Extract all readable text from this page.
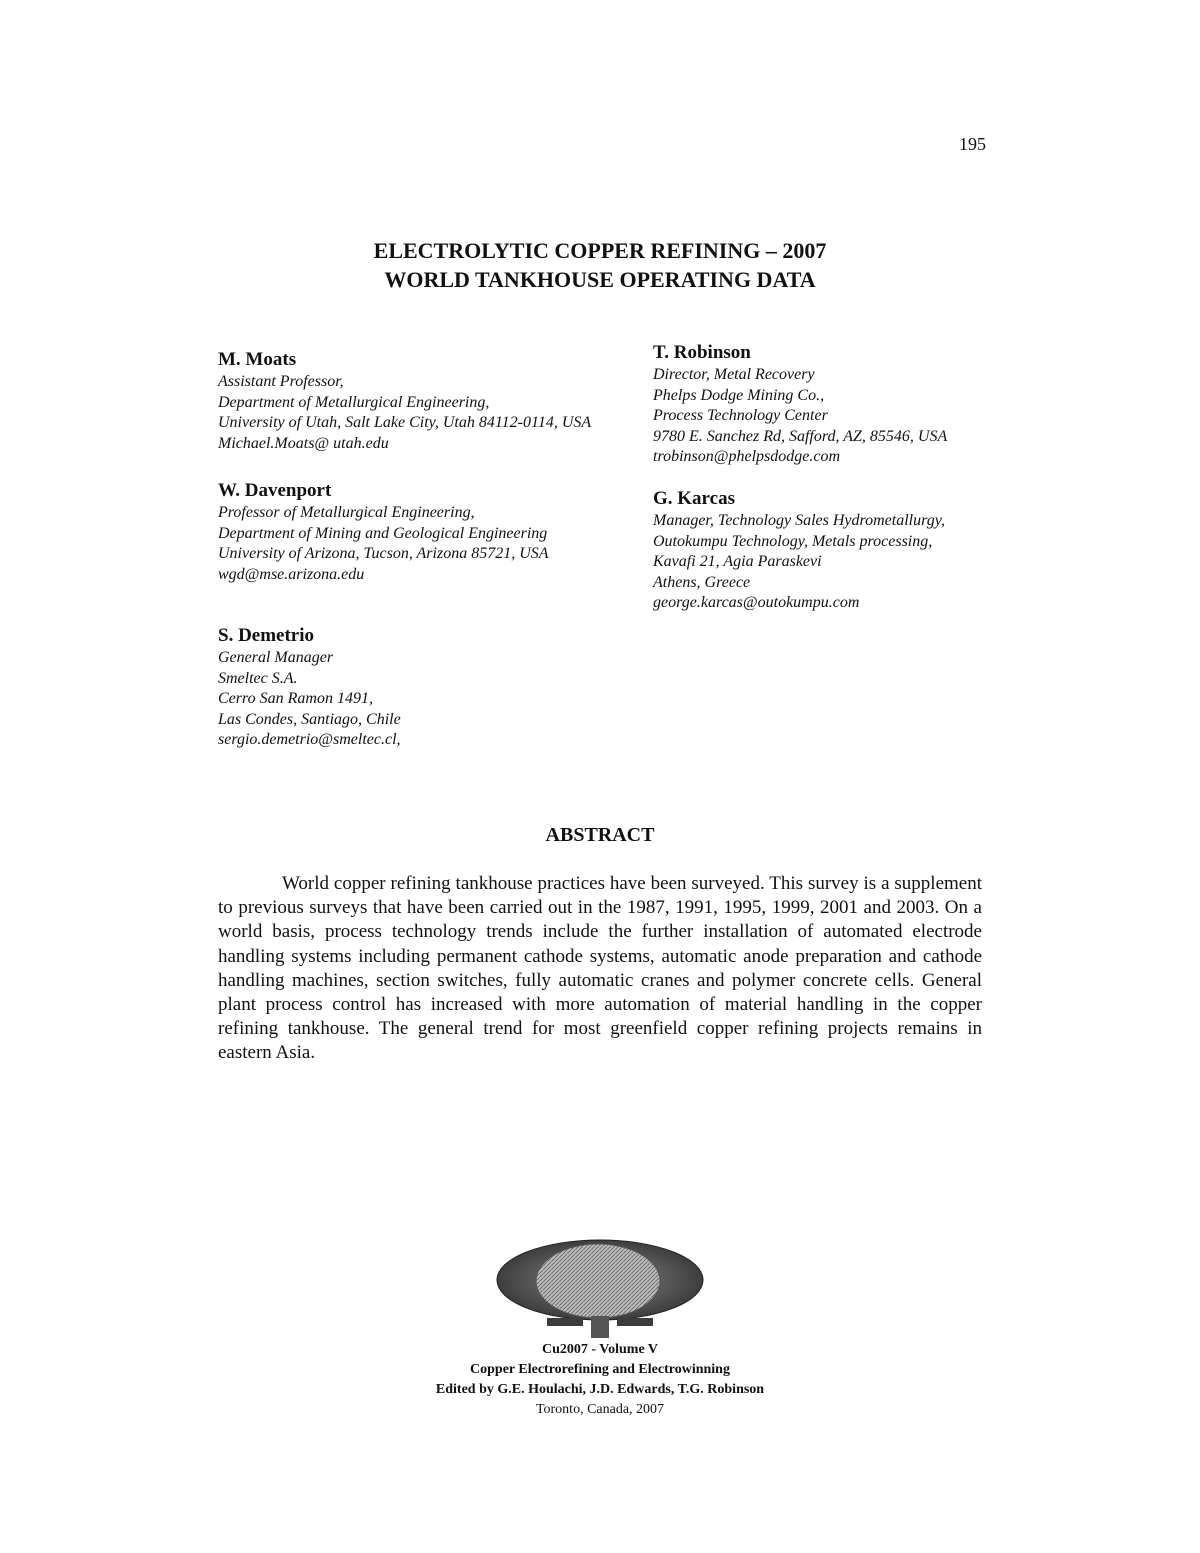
195
ELECTROLYTIC COPPER REFINING – 2007
WORLD TANKHOUSE OPERATING DATA
M. Moats
Assistant Professor,
Department of Metallurgical Engineering,
University of Utah, Salt Lake City, Utah 84112-0114, USA
Michael.Moats@ utah.edu
T. Robinson
Director, Metal Recovery
Phelps Dodge Mining Co.,
Process Technology Center
9780 E. Sanchez Rd, Safford, AZ, 85546, USA
trobinson@phelpsdodge.com
W. Davenport
Professor of Metallurgical Engineering,
Department of Mining and Geological Engineering
University of Arizona, Tucson, Arizona 85721, USA
wgd@mse.arizona.edu
G. Karcas
Manager, Technology Sales Hydrometallurgy,
Outokumpu Technology, Metals processing,
Kavafi 21, Agia Paraskevi
Athens, Greece
george.karcas@outokumpu.com
S. Demetrio
General Manager
Smeltec S.A.
Cerro San Ramon 1491,
Las Condes, Santiago, Chile
sergio.demetrio@smeltec.cl,
ABSTRACT
World copper refining tankhouse practices have been surveyed. This survey is a supplement to previous surveys that have been carried out in the 1987, 1991, 1995, 1999, 2001 and 2003. On a world basis, process technology trends include the further installation of automated electrode handling systems including permanent cathode systems, automatic anode preparation and cathode handling machines, section switches, fully automatic cranes and polymer concrete cells. General plant process control has increased with more automation of material handling in the copper refining tankhouse. The general trend for most greenfield copper refining projects remains in eastern Asia.
Cu2007 - Volume V
Copper Electrorefining and Electrowinning
Edited by G.E. Houlachi, J.D. Edwards, T.G. Robinson
Toronto, Canada, 2007
